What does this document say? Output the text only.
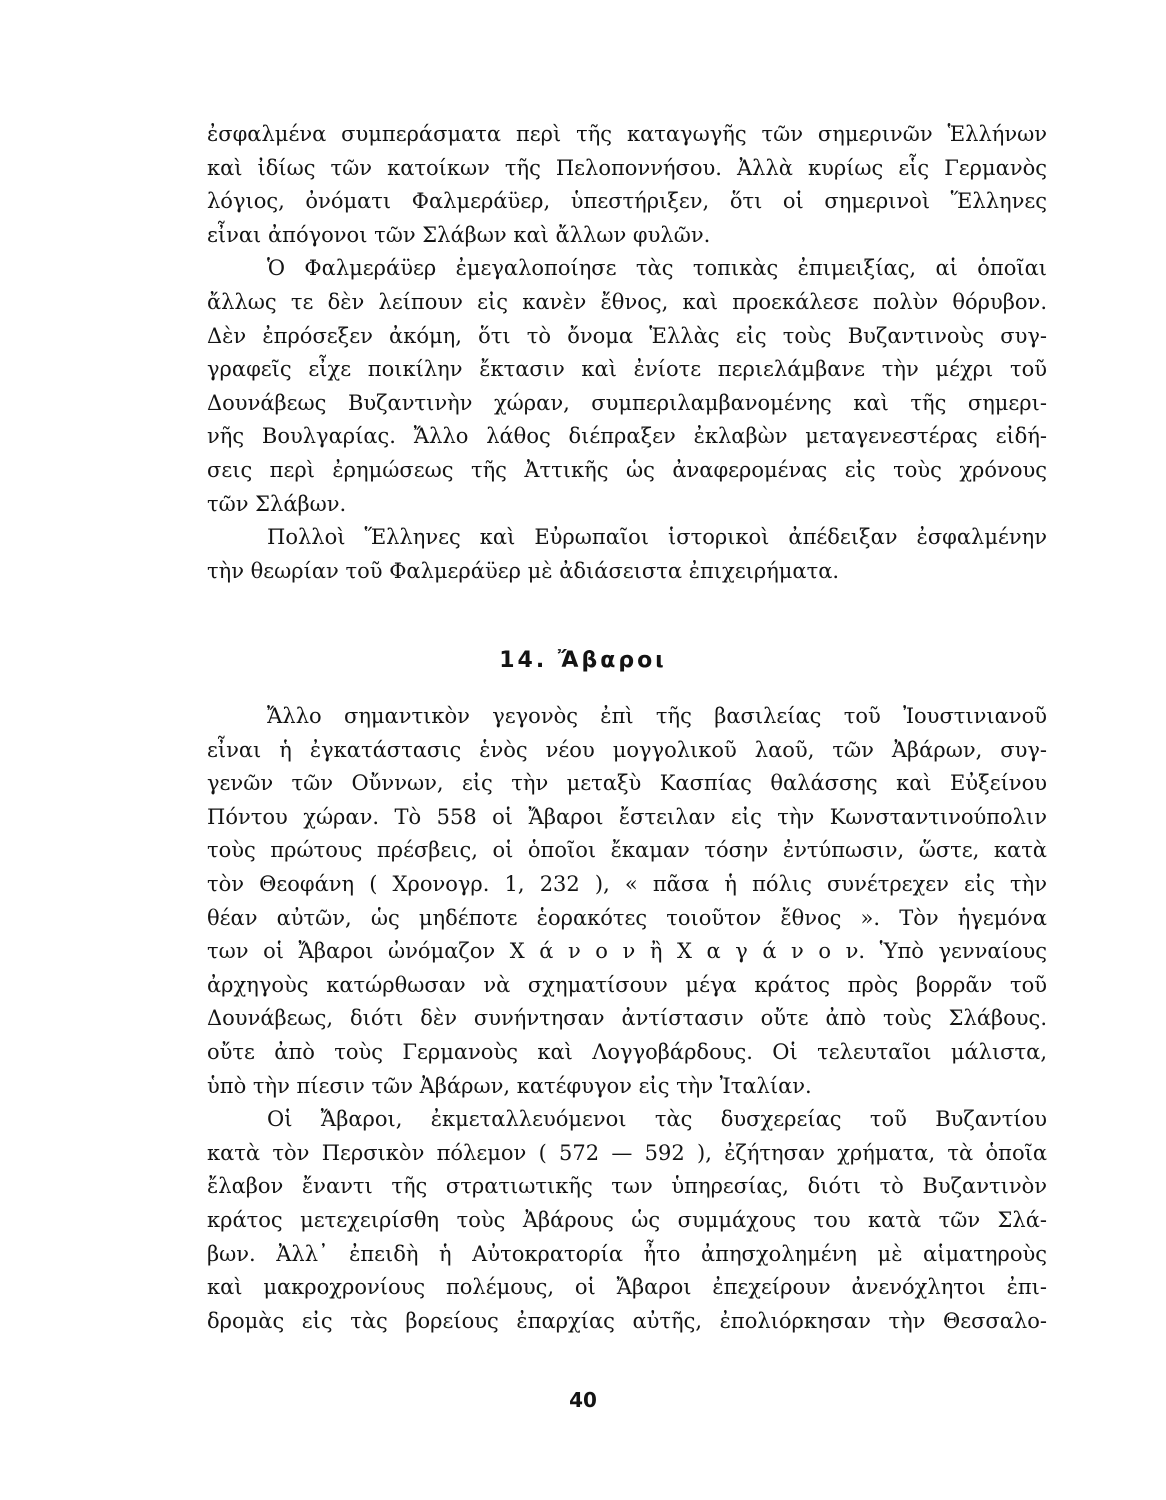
ἐσφαλμένα συμπεράσματα περὶ τῆς καταγωγῆς τῶν σημερινῶν Ἑλλήνων
καὶ ἰδίως τῶν κατοίκων τῆς Πελοποννήσου. Ἀλλὰ κυρίως εἷς Γερμανὸς
λόγιος, ὀνόματι Φαλμεράϋερ, ὑπεστήριξεν, ὅτι οἱ σημερινοὶ Ἕλληνες
εἶναι ἀπόγονοι τῶν Σλάβων καὶ ἄλλων φυλῶν.
Ὁ Φαλμεράϋερ ἐμεγαλοποίησε τὰς τοπικὰς ἐπιμειξίας, αἱ ὁποῖαι
ἄλλως τε δὲν λείπουν εἰς κανὲν ἔθνος, καὶ προεκάλεσε πολὺν θόρυβον.
Δὲν ἐπρόσεξεν ἀκόμη, ὅτι τὸ ὄνομα Ἑλλὰς εἰς τοὺς Βυζαντινοὺς συγ-
γραφεῖς εἶχε ποικίλην ἔκτασιν καὶ ἐνίοτε περιελάμβανε τὴν μέχρι τοῦ
Δουνάβεως Βυζαντινὴν χώραν, συμπεριλαμβανομένης καὶ τῆς σημερι-
νῆς Βουλγαρίας. Ἄλλο λάθος διέπραξεν ἐκλαβὼν μεταγενεστέρας εἰδή-
σεις περὶ ἐρημώσεως τῆς Ἀττικῆς ὡς ἀναφερομένας εἰς τοὺς χρόνους
τῶν Σλάβων.
Πολλοὶ Ἕλληνες καὶ Εὐρωπαῖοι ἱστορικοὶ ἀπέδειξαν ἐσφαλμένην
τὴν θεωρίαν τοῦ Φαλμεράϋερ μὲ ἀδιάσειστα ἐπιχειρήματα.
14. Ἄβαροι
Ἄλλο σημαντικὸν γεγονὸς ἐπὶ τῆς βασιλείας τοῦ Ἰουστινιανοῦ
εἶναι ἡ ἐγκατάστασις ἑνὸς νέου μογγολικοῦ λαοῦ, τῶν Ἀβάρων, συγ-
γενῶν τῶν Οὔννων, εἰς τὴν μεταξὺ Κασπίας θαλάσσης καὶ Εὐξείνου
Πόντου χώραν. Τὸ 558 οἱ Ἄβαροι ἔστειλαν εἰς τὴν Κωνσταντινούπολιν
τοὺς πρώτους πρέσβεις, οἱ ὁποῖοι ἔκαμαν τόσην ἐντύπωσιν, ὥστε, κατὰ
τὸν Θεοφάνη ( Χρονογρ. 1, 232 ), « πᾶσα ἡ πόλις συνέτρεχεν εἰς τὴν
θέαν αὐτῶν, ὡς μηδέποτε ἑορακότες τοιοῦτον ἔθνος ». Τὸν ἡγεμόνα
των οἱ Ἄβαροι ὠνόμαζον Χ ά ν ο ν ἢ Χ α γ ά ν ο ν. Ὑπὸ γενναίους
ἀρχηγοὺς κατώρθωσαν νὰ σχηματίσουν μέγα κράτος πρὸς βορρᾶν τοῦ
Δουνάβεως, διότι δὲν συνήντησαν ἀντίστασιν οὔτε ἀπὸ τοὺς Σλάβους.
οὔτε ἀπὸ τοὺς Γερμανοὺς καὶ Λογγοβάρδους. Οἱ τελευταῖοι μάλιστα,
ὑπὸ τὴν πίεσιν τῶν Ἀβάρων, κατέφυγον εἰς τὴν Ἰταλίαν.
Οἱ Ἄβαροι, ἐκμεταλλευόμενοι τὰς δυσχερείας τοῦ Βυζαντίου
κατὰ τὸν Περσικὸν πόλεμον ( 572 — 592 ), ἐζήτησαν χρήματα, τὰ ὁποῖα
ἔλαβον ἔναντι τῆς στρατιωτικῆς των ὑπηρεσίας, διότι τὸ Βυζαντινὸν
κράτος μετεχειρίσθη τοὺς Ἀβάρους ὡς συμμάχους του κατὰ τῶν Σλά-
βων. Ἀλλ᾽ ἐπειδὴ ἡ Αὐτοκρατορία ἦτο ἀπησχολημένη μὲ αἱματηροὺς
καὶ μακροχρονίους πολέμους, οἱ Ἄβαροι ἐπεχείρουν ἀνενόχλητοι ἐπι-
δρομὰς εἰς τὰς βορείους ἐπαρχίας αὐτῆς, ἐπολιόρκησαν τὴν Θεσσαλο-
40
